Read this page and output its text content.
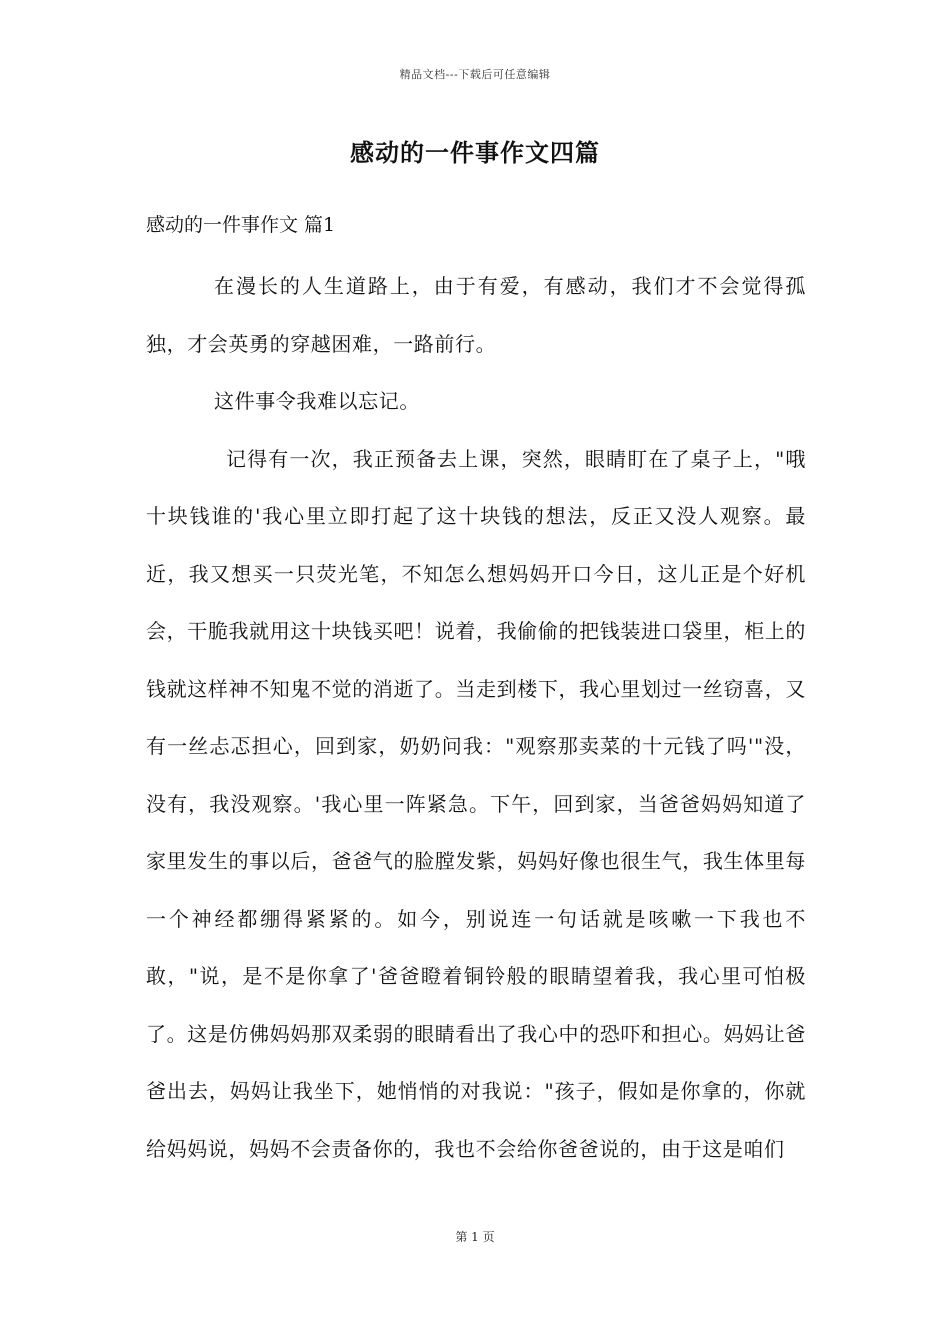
精品文档---下载后可任意编辑
感动的一件事作文四篇
感动的一件事作文 篇1

在漫长的人生道路上，由于有爱，有感动，我们才不会觉得孤独，才会英勇的穿越困难，一路前行。

这件事令我难以忘记。

记得有一次，我正预备去上课，突然，眼睛盯在了桌子上，"哦十块钱谁的'我心里立即打起了这十块钱的想法，反正又没人观察。最近，我又想买一只荧光笔，不知怎么想妈妈开口今日，这儿正是个好机会，干脆我就用这十块钱买吧！说着，我偷偷的把钱装进口袋里，柜上的钱就这样神不知鬼不觉的消逝了。当走到楼下，我心里划过一丝窃喜，又有一丝忐忑担心，回到家，奶奶问我："观察那卖菜的十元钱了吗'"没，没有，我没观察。'我心里一阵紧急。下午，回到家，当爸爸妈妈知道了家里发生的事以后，爸爸气的脸膛发紫，妈妈好像也很生气，我生体里每一个神经都绷得紧紧的。如今，别说连一句话就是咳嗽一下我也不敢，"说，是不是你拿了'爸爸瞪着铜铃般的眼睛望着我，我心里可怕极了。这是仿佛妈妈那双柔弱的眼睛看出了我心中的恐吓和担心。妈妈让爸爸出去，妈妈让我坐下，她悄悄的对我说："孩子，假如是你拿的，你就给妈妈说，妈妈不会责备你的，我也不会给你爸爸说的，由于这是咱们

第 1 页
